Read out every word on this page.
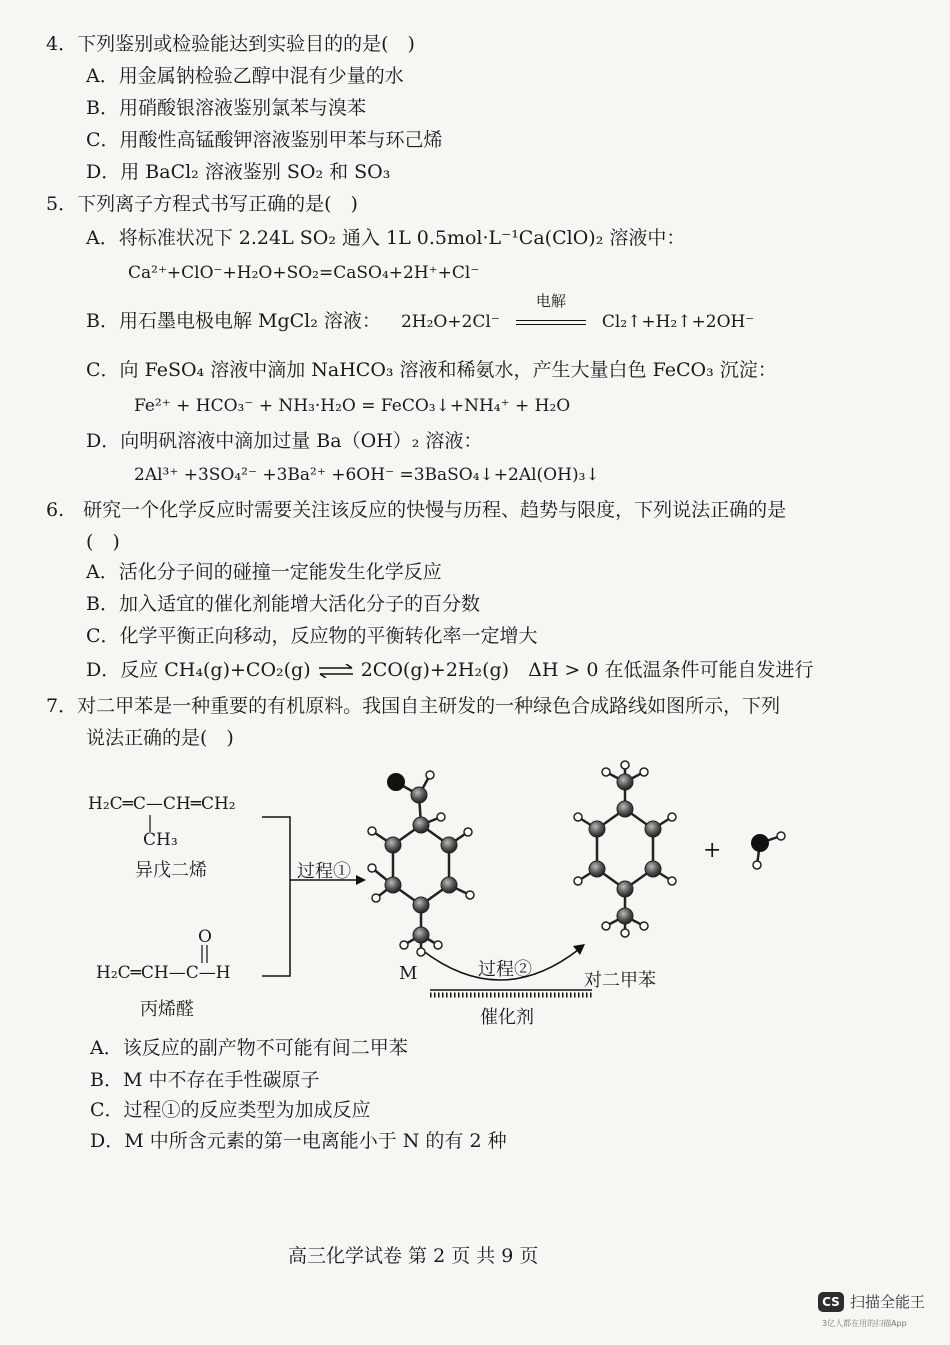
4．下列鉴别或检验能达到实验目的的是(　)
A．用金属钠检验乙醇中混有少量的水
B．用硝酸银溶液鉴别氯苯与溴苯
C．用酸性高锰酸钾溶液鉴别甲苯与环己烯
D．用 BaCl₂ 溶液鉴别 SO₂ 和 SO₃
5．下列离子方程式书写正确的是(　)
A．将标准状况下 2.24L SO₂ 通入 1L 0.5mol·L⁻¹Ca(ClO)₂ 溶液中：
Ca²⁺+ClO⁻+H₂O+SO₂=CaSO₄+2H⁺+Cl⁻
B．用石墨电极电解 MgCl₂ 溶液： 2H₂O+2Cl⁻
电解
Cl₂↑+H₂↑+2OH⁻
C．向 FeSO₄ 溶液中滴加 NaHCO₃ 溶液和稀氨水，产生大量白色 FeCO₃ 沉淀：
Fe²⁺ + HCO₃⁻ + NH₃·H₂O = FeCO₃↓+NH₄⁺ + H₂O
D．向明矾溶液中滴加过量 Ba（OH）₂ 溶液：
2Al³⁺ +3SO₄²⁻ +3Ba²⁺ +6OH⁻ =3BaSO₄↓+2Al(OH)₃↓
6.　研究一个化学反应时需要关注该反应的快慢与历程、趋势与限度，下列说法正确的是
(　)
A．活化分子间的碰撞一定能发生化学反应
B．加入适宜的催化剂能增大活化分子的百分数
C．化学平衡正向移动，反应物的平衡转化率一定增大
D．反应 CH₄(g)+CO₂(g) ⇌ 2CO(g)+2H₂(g)　ΔH > 0 在低温条件可能自发进行
7．对二甲苯是一种重要的有机原料。我国自主研发的一种绿色合成路线如图所示，下列
说法正确的是(　)
H₂C═C—CH═CH₂
CH₃
异戊二烯
O
H₂C═CH—C—H
丙烯醛
过程①
过程②
M	对二甲苯
催化剂
+
A．该反应的副产物不可能有间二甲苯
B．M 中不存在手性碳原子
C．过程①的反应类型为加成反应
D．M 中所含元素的第一电离能小于 N 的有 2 种
高三化学试卷 第 2 页 共 9 页
CS 扫描全能王
3亿人都在用的扫描App
